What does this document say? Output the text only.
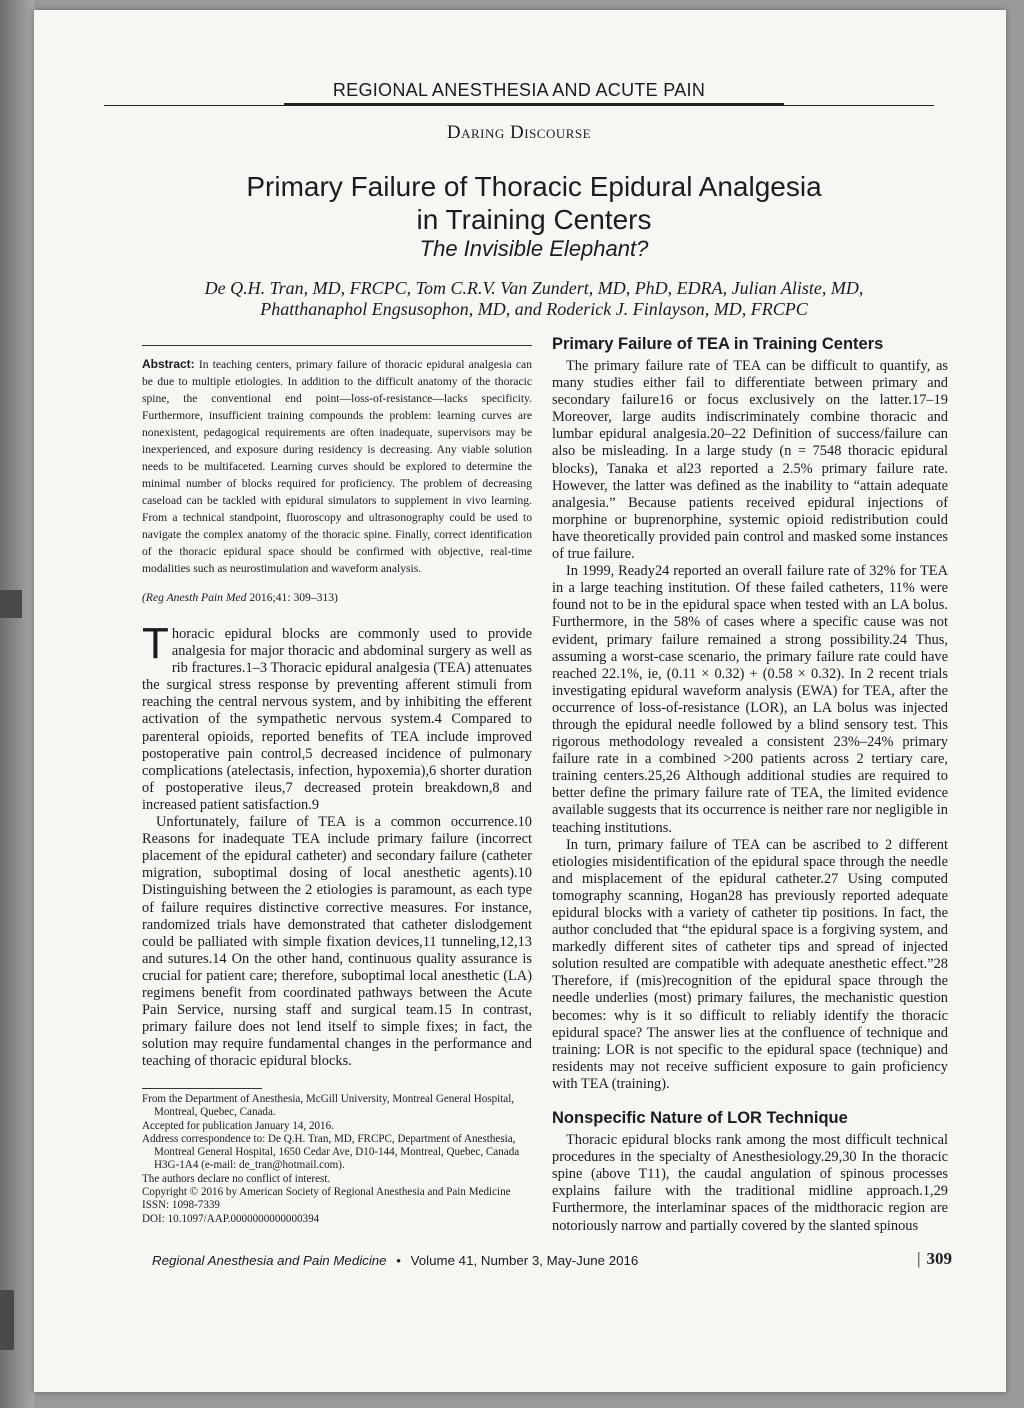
REGIONAL ANESTHESIA AND ACUTE PAIN
Daring Discourse
Primary Failure of Thoracic Epidural Analgesia
in Training Centers
The Invisible Elephant?
De Q.H. Tran, MD, FRCPC, Tom C.R.V. Van Zundert, MD, PhD, EDRA, Julian Aliste, MD,
Phatthanaphol Engsusophon, MD, and Roderick J. Finlayson, MD, FRCPC

Abstract: In teaching centers, primary failure of thoracic epidural analgesia can be due to multiple etiologies. In addition to the difficult anatomy of the thoracic spine, the conventional end point—loss-of-resistance—lacks specificity. Furthermore, insufficient training compounds the problem: learning curves are nonexistent, pedagogical requirements are often inadequate, supervisors may be inexperienced, and exposure during residency is decreasing. Any viable solution needs to be multifaceted. Learning curves should be explored to determine the minimal number of blocks required for proficiency. The problem of decreasing caseload can be tackled with epidural simulators to supplement in vivo learning. From a technical standpoint, fluoroscopy and ultrasonography could be used to navigate the complex anatomy of the thoracic spine. Finally, correct identification of the thoracic epidural space should be confirmed with objective, real-time modalities such as neurostimulation and waveform analysis.

(Reg Anesth Pain Med 2016;41: 309–313)

Thoracic epidural blocks are commonly used to provide analgesia for major thoracic and abdominal surgery as well as rib fractures.1–3 Thoracic epidural analgesia (TEA) attenuates the surgical stress response by preventing afferent stimuli from reaching the central nervous system, and by inhibiting the efferent activation of the sympathetic nervous system.4 Compared to parenteral opioids, reported benefits of TEA include improved postoperative pain control,5 decreased incidence of pulmonary complications (atelectasis, infection, hypoxemia),6 shorter duration of postoperative ileus,7 decreased protein breakdown,8 and increased patient satisfaction.9

Unfortunately, failure of TEA is a common occurrence.10 Reasons for inadequate TEA include primary failure (incorrect placement of the epidural catheter) and secondary failure (catheter migration, suboptimal dosing of local anesthetic agents).10 Distinguishing between the 2 etiologies is paramount, as each type of failure requires distinctive corrective measures. For instance, randomized trials have demonstrated that catheter dislodgement could be palliated with simple fixation devices,11 tunneling,12,13 and sutures.14 On the other hand, continuous quality assurance is crucial for patient care; therefore, suboptimal local anesthetic (LA) regimens benefit from coordinated pathways between the Acute Pain Service, nursing staff and surgical team.15 In contrast, primary failure does not lend itself to simple fixes; in fact, the solution may require fundamental changes in the performance and teaching of thoracic epidural blocks.

From the Department of Anesthesia, McGill University, Montreal General Hospital, Montreal, Quebec, Canada.

Accepted for publication January 14, 2016.

Address correspondence to: De Q.H. Tran, MD, FRCPC, Department of Anesthesia, Montreal General Hospital, 1650 Cedar Ave, D10-144, Montreal, Quebec, Canada H3G-1A4 (e-mail: de_tran@hotmail.com).

The authors declare no conflict of interest.

Copyright © 2016 by American Society of Regional Anesthesia and Pain Medicine

ISSN: 1098-7339

DOI: 10.1097/AAP.0000000000000394

Primary Failure of TEA in Training Centers

The primary failure rate of TEA can be difficult to quantify, as many studies either fail to differentiate between primary and secondary failure16 or focus exclusively on the latter.17–19 Moreover, large audits indiscriminately combine thoracic and lumbar epidural analgesia.20–22 Definition of success/failure can also be misleading. In a large study (n = 7548 thoracic epidural blocks), Tanaka et al23 reported a 2.5% primary failure rate. However, the latter was defined as the inability to “attain adequate analgesia.” Because patients received epidural injections of morphine or buprenorphine, systemic opioid redistribution could have theoretically provided pain control and masked some instances of true failure.

In 1999, Ready24 reported an overall failure rate of 32% for TEA in a large teaching institution. Of these failed catheters, 11% were found not to be in the epidural space when tested with an LA bolus. Furthermore, in the 58% of cases where a specific cause was not evident, primary failure remained a strong possibility.24 Thus, assuming a worst-case scenario, the primary failure rate could have reached 22.1%, ie, (0.11 × 0.32) + (0.58 × 0.32). In 2 recent trials investigating epidural waveform analysis (EWA) for TEA, after the occurrence of loss-of-resistance (LOR), an LA bolus was injected through the epidural needle followed by a blind sensory test. This rigorous methodology revealed a consistent 23%–24% primary failure rate in a combined >200 patients across 2 tertiary care, training centers.25,26 Although additional studies are required to better define the primary failure rate of TEA, the limited evidence available suggests that its occurrence is neither rare nor negligible in teaching institutions.

In turn, primary failure of TEA can be ascribed to 2 different etiologies misidentification of the epidural space through the needle and misplacement of the epidural catheter.27 Using computed tomography scanning, Hogan28 has previously reported adequate epidural blocks with a variety of catheter tip positions. In fact, the author concluded that “the epidural space is a forgiving system, and markedly different sites of catheter tips and spread of injected solution resulted are compatible with adequate anesthetic effect.”28 Therefore, if (mis)recognition of the epidural space through the needle underlies (most) primary failures, the mechanistic question becomes: why is it so difficult to reliably identify the thoracic epidural space? The answer lies at the confluence of technique and training: LOR is not specific to the epidural space (technique) and residents may not receive sufficient exposure to gain proficiency with TEA (training).

Nonspecific Nature of LOR Technique

Thoracic epidural blocks rank among the most difficult technical procedures in the specialty of Anesthesiology.29,30 In the thoracic spine (above T11), the caudal angulation of spinous processes explains failure with the traditional midline approach.1,29 Furthermore, the interlaminar spaces of the midthoracic region are notoriously narrow and partially covered by the slanted spinous

Regional Anesthesia and Pain Medicine • Volume 41, Number 3, May-June 2016	| 309
